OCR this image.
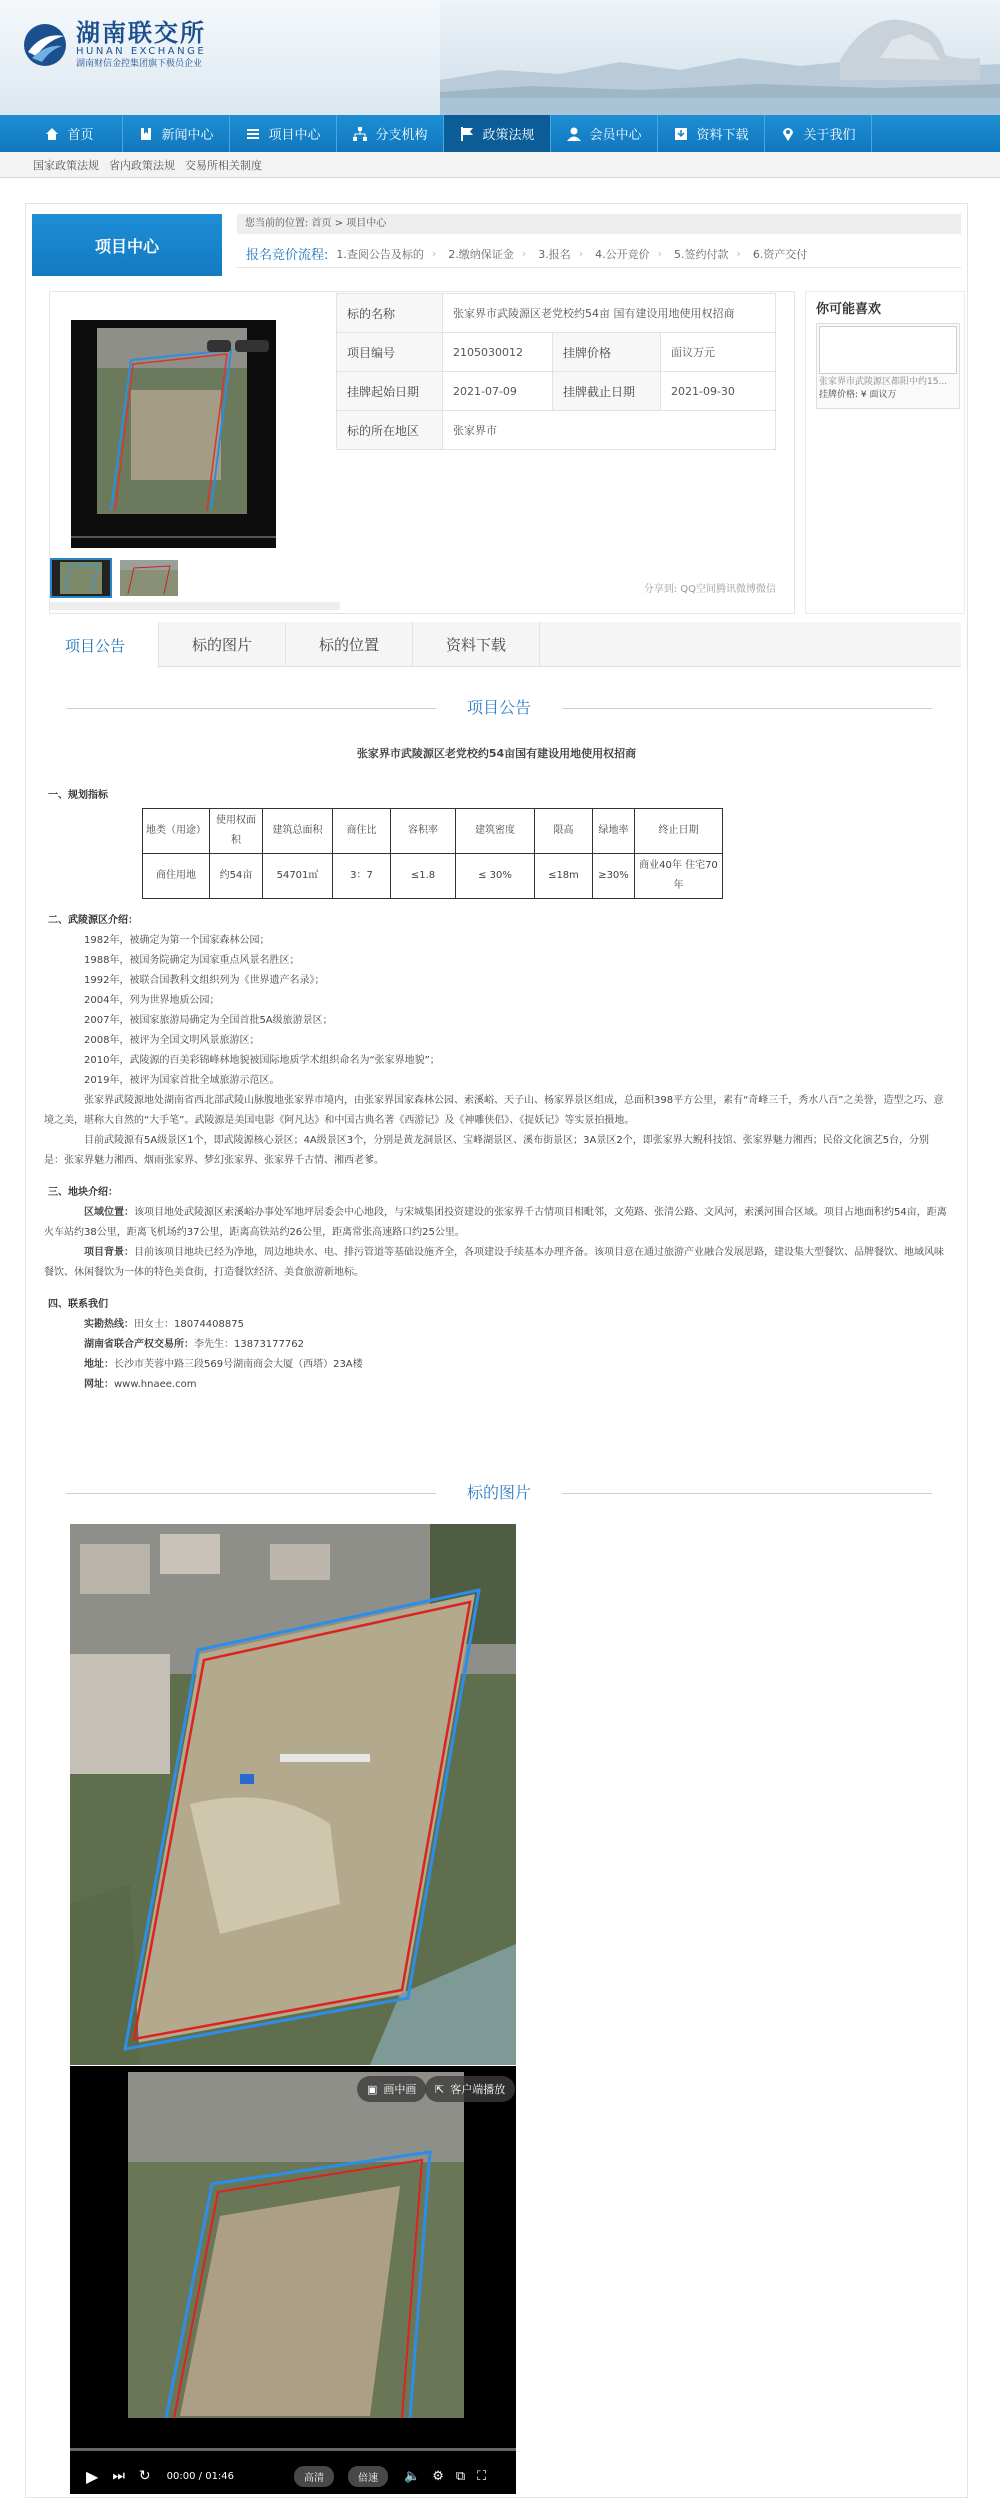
湖南联交所
HUNAN EXCHANGE
湖南财信金控集团旗下极员企业
首页	新闻中心	项目中心	分支机构	政策法规	会员中心	资料下载	关于我们
国家政策法规 省内政策法规 交易所相关制度
项目中心
您当前的位置: 首页 > 项目中心
报名竞价流程: 1.查阅公告及标的 › 2.缴纳保证金 › 3.报名 › 4.公开竞价 › 5.签约付款 › 6.资产交付
标的名称	张家界市武陵源区老党校约54亩 国有建设用地使用权招商		
项目编号	2105030012	挂牌价格	面议万元
挂牌起始日期	2021-07-09	挂牌截止日期	2021-09-30
标的所在地区	张家界市		

分享到: QQ空间腾讯微博微信
你可能喜欢
张家界市武陵源区都阳中约15...
挂牌价格: ¥ 面议万
项目公告	标的图片	标的位置	资料下载
项目公告
张家界市武陵源区老党校约54亩国有建设用地使用权招商
一、规划指标
地类（用途）	使用权面积	建筑总面积	商住比	容积率	建筑密度	限高	绿地率	终止日期
商住用地	约54亩	54701㎡	3：7	≤1.8	≤ 30%	≤18m	≥30%	商业40年 住宅70年
二、武陵源区介绍：
1982年，被确定为第一个国家森林公园；
1988年，被国务院确定为国家重点风景名胜区；
1992年，被联合国教科文组织列为《世界遗产名录》；
2004年，列为世界地质公园；
2007年，被国家旅游局确定为全国首批5A级旅游景区；
2008年，被评为全国文明风景旅游区；
2010年，武陵源的百美彩锦峰林地貌被国际地质学术组织命名为“张家界地貌”；
2019年，被评为国家首批全域旅游示范区。
张家界武陵源地处湖南省西北部武陵山脉腹地张家界市境内，由张家界国家森林公园、索溪峪、天子山、杨家界景区组成，总面积398平方公里，素有“奇峰三千，秀水八百”之美誉，造型之巧、意境之美，堪称大自然的“大手笔”。武陵源是美国电影《阿凡达》和中国古典名著《西游记》及《神雕侠侣》、《捉妖记》等实景拍摄地。
目前武陵源有5A级景区1个，即武陵源核心景区；4A级景区3个，分别是黄龙洞景区、宝峰湖景区、溪布街景区；3A景区2个，即张家界大鲵科技馆、张家界魅力湘西；民俗文化演艺5台，分别是：张家界魅力湘西、烟雨张家界、梦幻张家界、张家界千古情、湘西老爹。
三、地块介绍：
区域位置：该项目地处武陵源区索溪峪办事处军地坪居委会中心地段，与宋城集团投资建设的张家界千古情项目相毗邻，文苑路、张清公路、文风河，索溪河围合区域。项目占地面积约54亩，距离火车站约38公里，距离飞机场约37公里，距离高铁站约26公里，距离常张高速路口约25公里。
项目背景：目前该项目地块已经为净地，周边地块水、电、排污管道等基础设施齐全，各项建设手续基本办理齐备。该项目意在通过旅游产业融合发展思路，建设集大型餐饮、品牌餐饮、地域风味餐饮、休闲餐饮为一体的特色美食街，打造餐饮经济、美食旅游新地标。
四、联系我们
实勘热线：田女士：18074408875
湖南省联合产权交易所：李先生：13873177762
地址：长沙市芙蓉中路三段569号湖南商会大厦（西塔）23A楼
网址：www.hnaee.com
标的图片
▣ 画中画 ⇱ 客户端播放
▶ ⏭ ↻ 00:00 / 01:46	高清	倍速	🔈 ⚙ ⧉ ⛶
